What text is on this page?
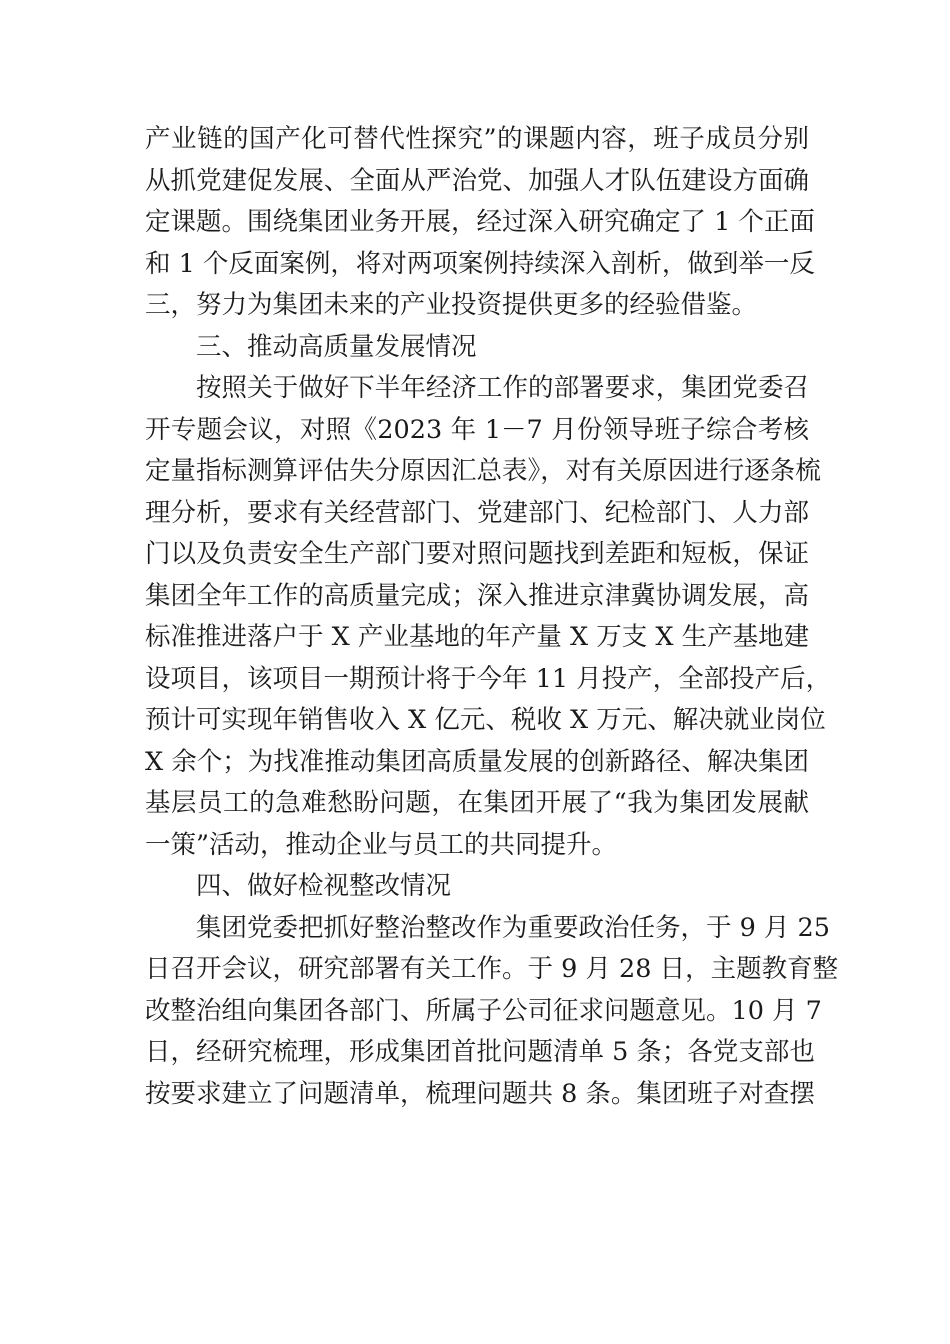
产业链的国产化可替代性探究”的课题内容，班子成员分别
从抓党建促发展、全面从严治党、加强人才队伍建设方面确
定课题。围绕集团业务开展，经过深入研究确定了 1 个正面
和 1 个反面案例，将对两项案例持续深入剖析，做到举一反
三，努力为集团未来的产业投资提供更多的经验借鉴。
三、推动高质量发展情况
按照关于做好下半年经济工作的部署要求，集团党委召
开专题会议，对照《2023 年 1－7 月份领导班子综合考核
定量指标测算评估失分原因汇总表》，对有关原因进行逐条梳
理分析，要求有关经营部门、党建部门、纪检部门、人力部
门以及负责安全生产部门要对照问题找到差距和短板，保证
集团全年工作的高质量完成；深入推进京津冀协调发展，高
标准推进落户于 X 产业基地的年产量 X 万支 X 生产基地建
设项目，该项目一期预计将于今年 11 月投产，全部投产后，
预计可实现年销售收入 X 亿元、税收 X 万元、解决就业岗位
X 余个；为找准推动集团高质量发展的创新路径、解决集团
基层员工的急难愁盼问题，在集团开展了“我为集团发展献
一策”活动，推动企业与员工的共同提升。
四、做好检视整改情况
集团党委把抓好整治整改作为重要政治任务，于 9 月 25
日召开会议，研究部署有关工作。于 9 月 28 日，主题教育整
改整治组向集团各部门、所属子公司征求问题意见。10 月 7
日，经研究梳理，形成集团首批问题清单 5 条；各党支部也
按要求建立了问题清单，梳理问题共 8 条。集团班子对查摆
